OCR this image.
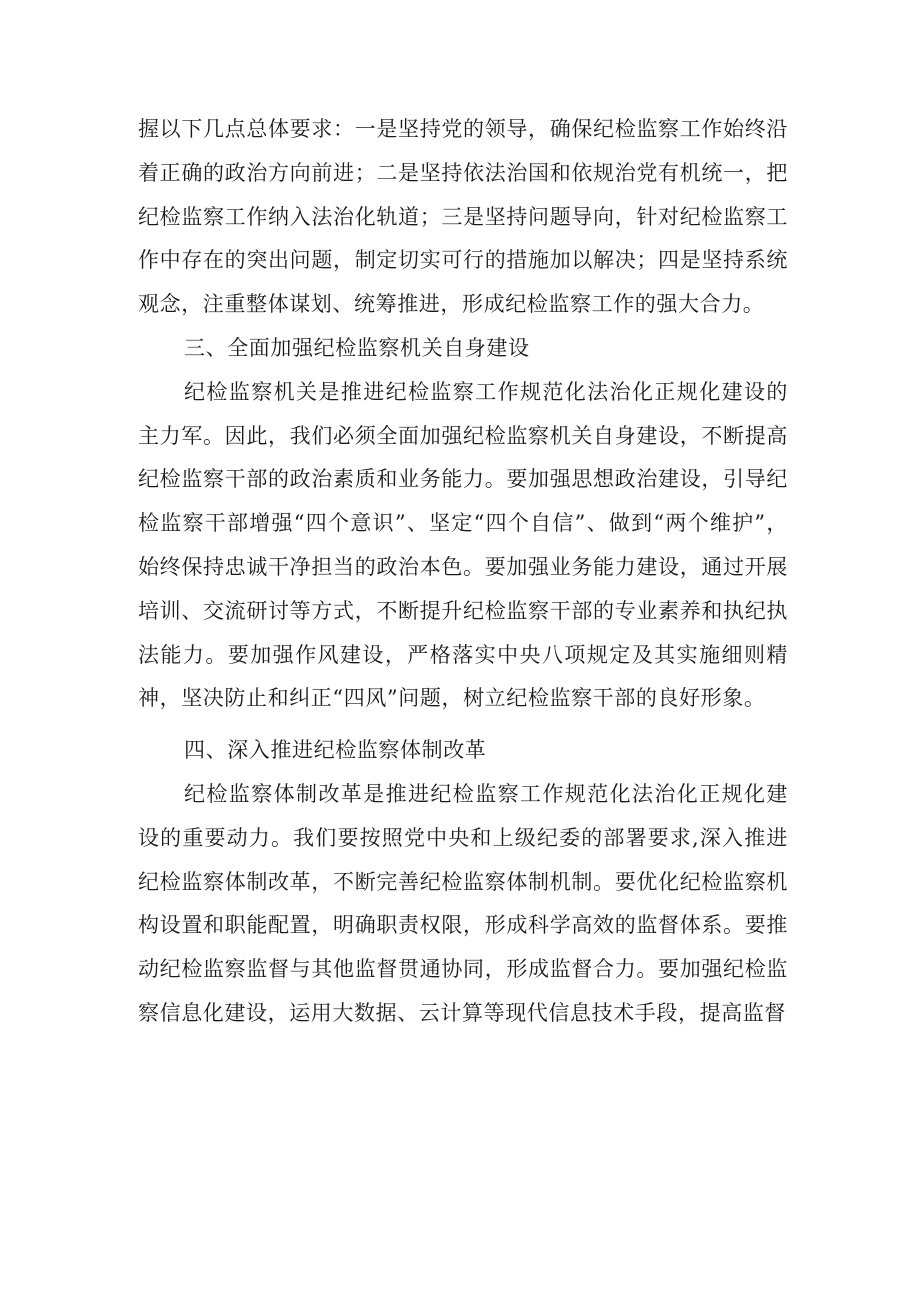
握以下几点总体要求：一是坚持党的领导，确保纪检监察工作始终沿着正确的政治方向前进；二是坚持依法治国和依规治党有机统一，把纪检监察工作纳入法治化轨道；三是坚持问题导向，针对纪检监察工作中存在的突出问题，制定切实可行的措施加以解决；四是坚持系统观念，注重整体谋划、统筹推进，形成纪检监察工作的强大合力。

三、全面加强纪检监察机关自身建设

纪检监察机关是推进纪检监察工作规范化法治化正规化建设的主力军。因此，我们必须全面加强纪检监察机关自身建设，不断提高纪检监察干部的政治素质和业务能力。要加强思想政治建设，引导纪检监察干部增强“四个意识”、坚定“四个自信”、做到“两个维护”，始终保持忠诚干净担当的政治本色。要加强业务能力建设，通过开展培训、交流研讨等方式，不断提升纪检监察干部的专业素养和执纪执法能力。要加强作风建设，严格落实中央八项规定及其实施细则精神，坚决防止和纠正“四风”问题，树立纪检监察干部的良好形象。

四、深入推进纪检监察体制改革

纪检监察体制改革是推进纪检监察工作规范化法治化正规化建设的重要动力。我们要按照党中央和上级纪委的部署要求,深入推进纪检监察体制改革，不断完善纪检监察体制机制。要优化纪检监察机构设置和职能配置，明确职责权限，形成科学高效的监督体系。要推动纪检监察监督与其他监督贯通协同，形成监督合力。要加强纪检监察信息化建设，运用大数据、云计算等现代信息技术手段，提高监督
